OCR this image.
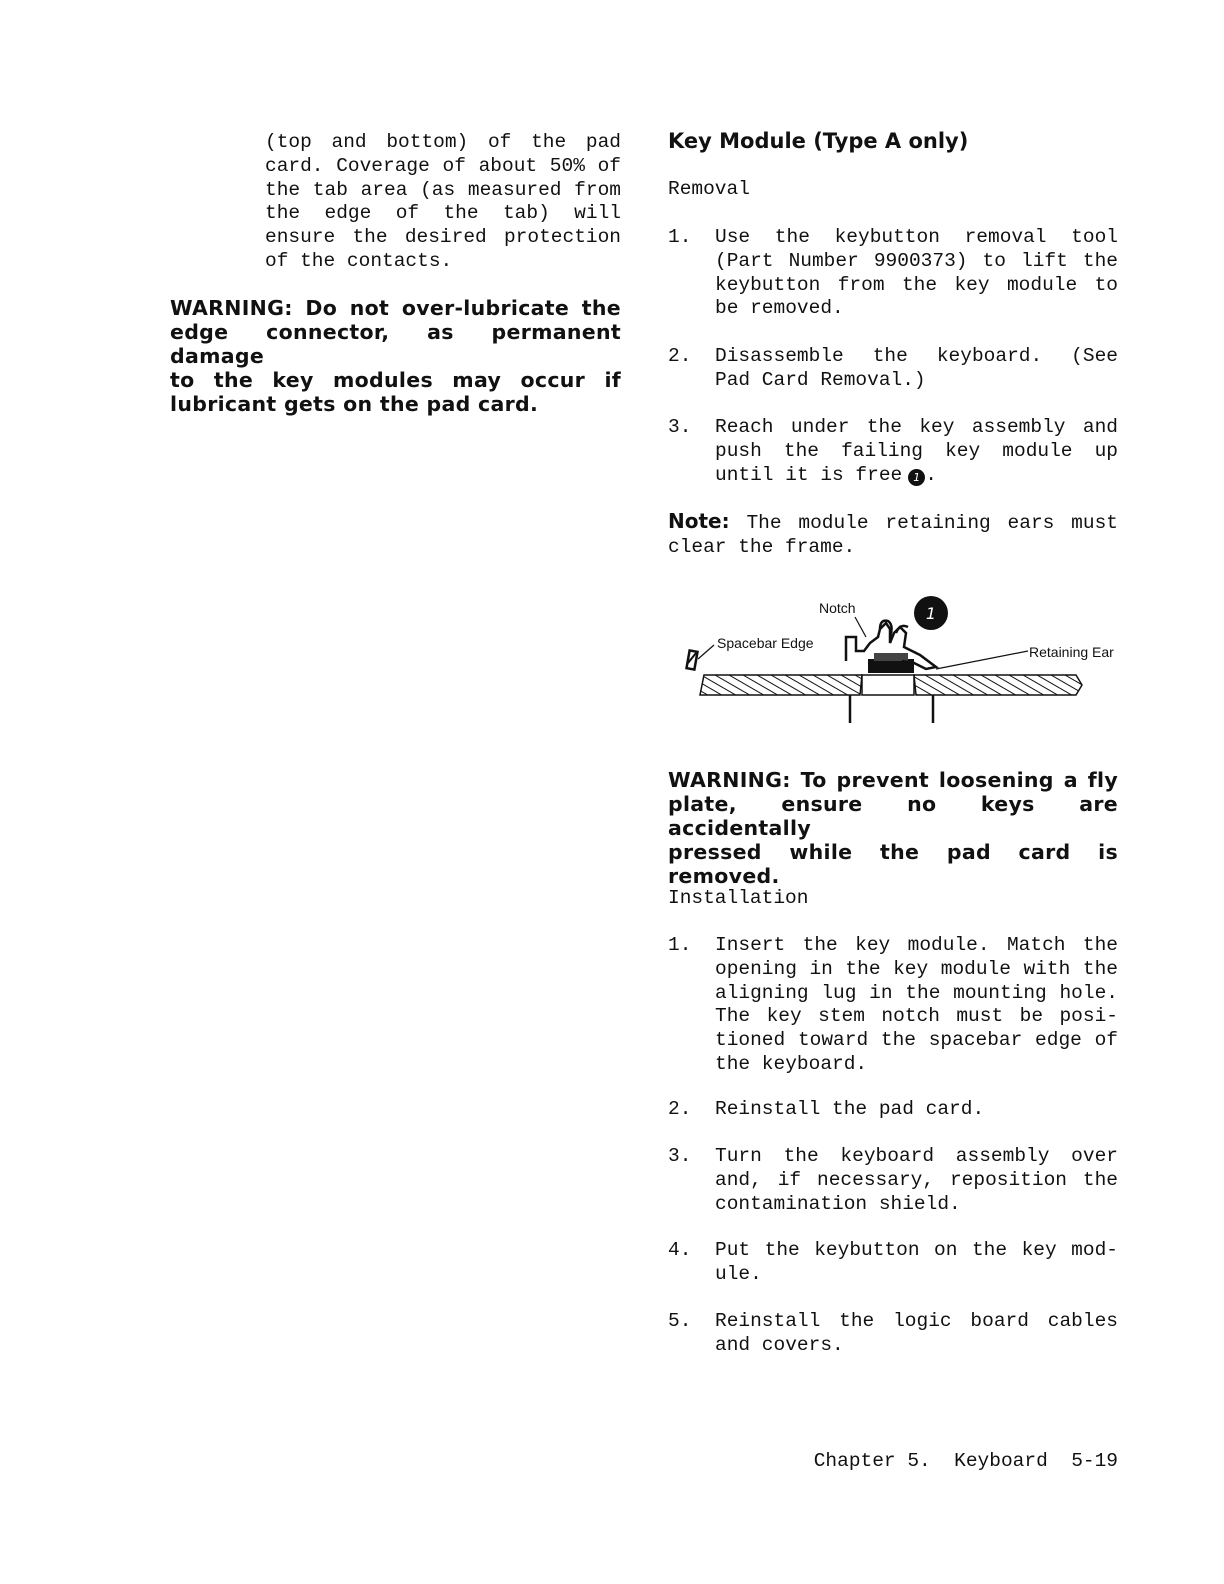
(top and bottom) of the pad
card. Coverage of about 50% of
the tab area (as measured from
the edge of the tab) will
ensure the desired protection
of the contacts.
WARNING: Do not over-lubricate the
edge connector, as permanent damage
to the key modules may occur if
lubricant gets on the pad card.
Key Module (Type A only)
Removal
1. Use the keybutton removal tool
(Part Number 9900373) to lift the
keybutton from the key module to
be removed.
2. Disassemble the keyboard. (See
Pad Card Removal.)
3. Reach under the key assembly and
push the failing key module up
until it is free 1 .
Note: The module retaining ears must
clear the frame.
Notch
Spacebar Edge
Retaining Ear
1
WARNING: To prevent loosening a fly
plate, ensure no keys are accidentally
pressed while the pad card is
removed.
Installation
1. Insert the key module. Match the
opening in the key module with the
aligning lug in the mounting hole.
The key stem notch must be posi-
tioned toward the spacebar edge of
the keyboard.
2. Reinstall the pad card.
3. Turn the keyboard assembly over
and, if necessary, reposition the
contamination shield.
4. Put the keybutton on the key mod-
ule.
5. Reinstall the logic board cables
and covers.
Chapter 5. Keyboard 5-19
